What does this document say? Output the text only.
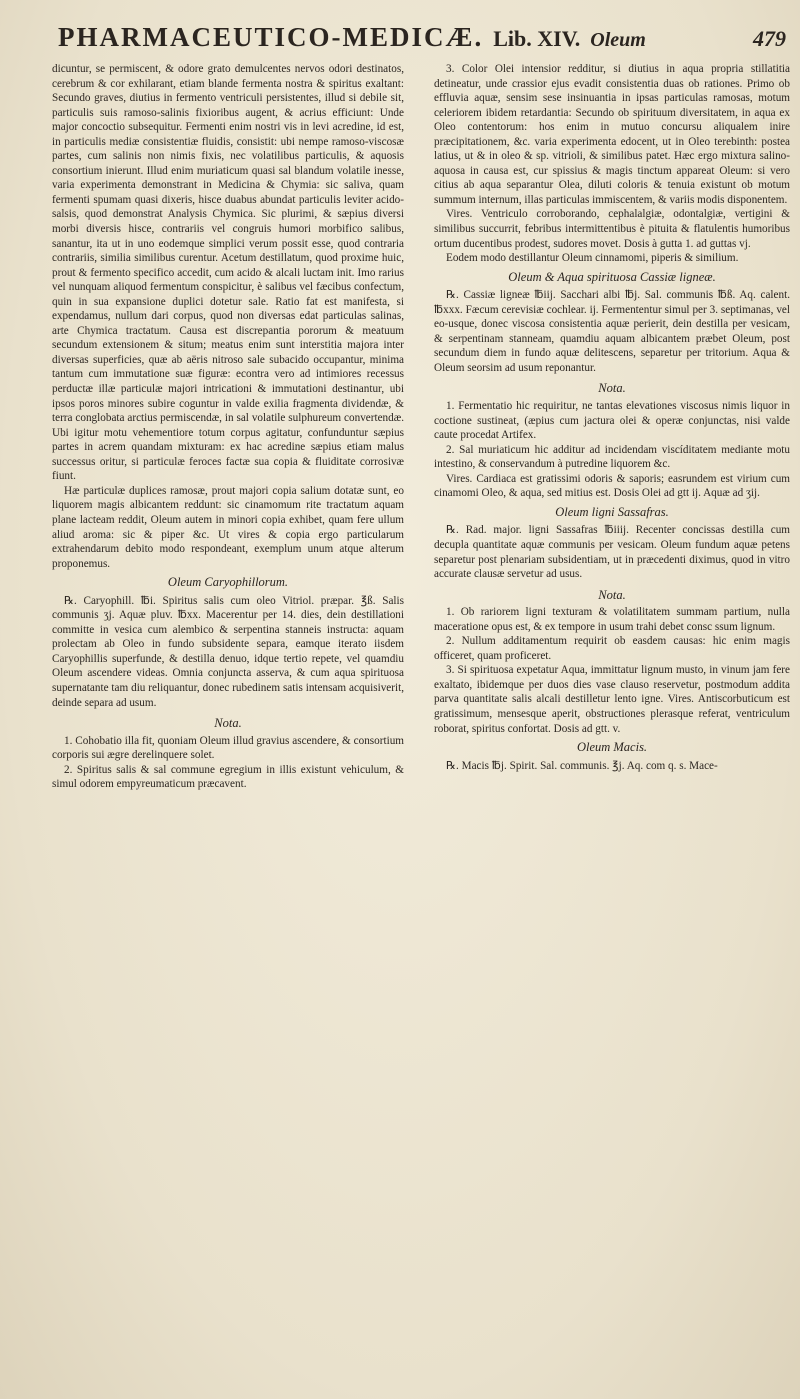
PHARMACEUTICO-MEDICÆ. Lib. XIV. Oleum	479

dicuntur, se permiscent, & odore grato demulcentes nervos odori destinatos, cerebrum & cor exhilarant, etiam blande fermenta nostra & spiritus exaltant: Secundo graves, diutius in fermento ventriculi persistentes, illud si debile sit, particulis suis ramoso-salinis fixioribus augent, & acrius efficiunt: Unde major concoctio subsequitur. Fermenti enim nostri vis in levi acredine, id est, in particulis mediæ consistentiæ fluidis, consistit: ubi nempe ramoso-viscosæ partes, cum salinis non nimis fixis, nec volatilibus particulis, & aquosis consortium inierunt. Illud enim muriaticum quasi sal blandum volatile inesse, varia experimenta demonstrant in Medicina & Chymia: sic saliva, quam fermenti spumam quasi dixeris, hisce duabus abundat particulis leviter acido-salsis, quod demonstrat Analysis Chymica. Sic plurimi, & sæpius diversi morbi diversis hisce, contrariis vel congruis humori morbifico salibus, sanantur, ita ut in uno eodemque simplici verum possit esse, quod contraria contrariis, similia similibus curentur. Acetum destillatum, quod proxime huic, prout & fermento specifico accedit, cum acido & alcali luctam init. Imo rarius vel nunquam aliquod fermentum conspicitur, è salibus vel fæcibus confectum, quin in sua expansione duplici dotetur sale. Ratio fat est manifesta, si expendamus, nullum dari corpus, quod non diversas edat particulas salinas, arte Chymica tractatum. Causa est discrepantia pororum & meatuum secundum extensionem & situm; meatus enim sunt interstitia majora inter diversas superficies, quæ ab aëris nitroso sale subacido occupantur, minima tantum cum immutatione suæ figuræ: econtra vero ad intimiores recessus perductæ illæ particulæ majori intricationi & immutationi destinantur, ubi ipsos poros minores subire coguntur in valde exilia fragmenta dividendæ, & terra conglobata arctius permiscendæ, in sal volatile sulphureum convertendæ. Ubi igitur motu vehementiore totum corpus agitatur, confunduntur sæpius partes in acrem quandam mixturam: ex hac acredine sæpius etiam malus successus oritur, si particulæ feroces factæ sua copia & fluiditate corrosivæ fiunt.

Hæ particulæ duplices ramosæ, prout majori copia salium dotatæ sunt, eo liquorem magis albicantem reddunt: sic cinamomum rite tractatum aquam plane lacteam reddit, Oleum autem in minori copia exhibet, quam fere ullum aliud aroma: sic & piper &c. Ut vires & copia ergo particularum extrahendarum debito modo respondeant, exemplum unum atque alterum proponemus.

Oleum Caryophillorum.

℞. Caryophill. ℔i. Spiritus salis cum oleo Vitriol. præpar. ℥ß. Salis communis ʒj. Aquæ pluv. ℔xx. Macerentur per 14. dies, dein destillationi committe in vesica cum alembico & serpentina stanneis instructa: aquam prolectam ab Oleo in fundo subsidente separa, eamque iterato iisdem Caryophillis superfunde, & destilla denuo, idque tertio repete, vel quamdiu Oleum ascendere videas. Omnia conjuncta asserva, & cum aqua spirituosa supernatante tam diu reliquantur, donec rubedinem satis intensam acquisiverit, deinde separa ad usum.

Nota.

1. Cohobatio illa fit, quoniam Oleum illud gravius ascendere, & consortium corporis sui ægre derelinquere solet.

2. Spiritus salis & sal commune egregium in illis existunt vehiculum, & simul odorem empyreumaticum præcavent.

3. Color Olei intensior redditur, si diutius in aqua propria stillatitia detineatur, unde crassior ejus evadit consistentia duas ob rationes. Primo ob effluvia aquæ, sensim sese insinuantia in ipsas particulas ramosas, motum celeriorem ibidem retardantia: Secundo ob spirituum diversitatem, in aqua ex Oleo contentorum: hos enim in mutuo concursu aliqualem inire præcipitationem, &c. varia experimenta edocent, ut in Oleo terebinth: postea latius, ut & in oleo & sp. vitrioli, & similibus patet. Hæc ergo mixtura salino-aquosa in causa est, cur spissius & magis tinctum appareat Oleum: si vero citius ab aqua separantur Olea, diluti coloris & tenuia existunt ob motum summum internum, illas particulas immiscentem, & variis modis disponentem.

Vires. Ventriculo corroborando, cephalalgiæ, odontalgiæ, vertigini & similibus succurrit, febribus intermittentibus è pituita & flatulentis humoribus ortum ducentibus prodest, sudores movet. Dosis à gutta 1. ad guttas vj.

Eodem modo destillantur Oleum cinnamomi, piperis & similium.

Oleum & Aqua spirituosa Cassiæ ligneæ.

℞. Cassiæ ligneæ ℔iij. Sacchari albi ℔j. Sal. communis ℔ß. Aq. calent. ℔xxx. Fæcum cerevisiæ cochlear. ij. Fermententur simul per 3. septimanas, vel eo-usque, donec viscosa consistentia aquæ perierit, dein destilla per vesicam, & serpentinam stanneam, quamdiu aquam albicantem præbet Oleum, post secundum diem in fundo aquæ delitescens, separetur per tritorium. Aqua & Oleum seorsim ad usum reponantur.

Nota.

1. Fermentatio hic requiritur, ne tantas elevationes viscosus nimis liquor in coctione sustineat, (æpius cum jactura olei & operæ conjunctas, nisi valde caute procedat Artifex.

2. Sal muriaticum hic additur ad incidendam viscíditatem mediante motu intestino, & conservandum à putredine liquorem &c.

Vires. Cardiaca est gratissimi odoris & saporis; easrundem est virium cum cinamomi Oleo, & aqua, sed mitius est. Dosis Olei ad gtt ij. Aquæ ad ʒij.

Oleum ligni Sassafras.

℞. Rad. major. ligni Sassafras ℔iiij. Recenter concissas destilla cum decupla quantitate aquæ communis per vesicam. Oleum fundum aquæ petens separetur post plenariam subsidentiam, ut in præcedenti diximus, quod in vitro accurate clausæ servetur ad usus.

Nota.

1. Ob rariorem ligni texturam & volatilitatem summam partium, nulla maceratione opus est, & ex tempore in usum trahi debet consc ssum lignum.

2. Nullum additamentum requirit ob easdem causas: hic enim magis officeret, quam proficeret.

3. Si spirituosa expetatur Aqua, immittatur lignum musto, in vinum jam fere exaltato, ibidemque per duos dies vase clauso reservetur, postmodum addita parva quantitate salis alcali destilletur lento igne. Vires. Antiscorbuticum est gratissimum, mensesque aperit, obstructiones plerasque referat, ventriculum roborat, spiritus confortat. Dosis ad gtt. v.

Oleum Macis.

℞. Macis ℔j. Spirit. Sal. communis. ℥j. Aq. com q. s. Mace-
